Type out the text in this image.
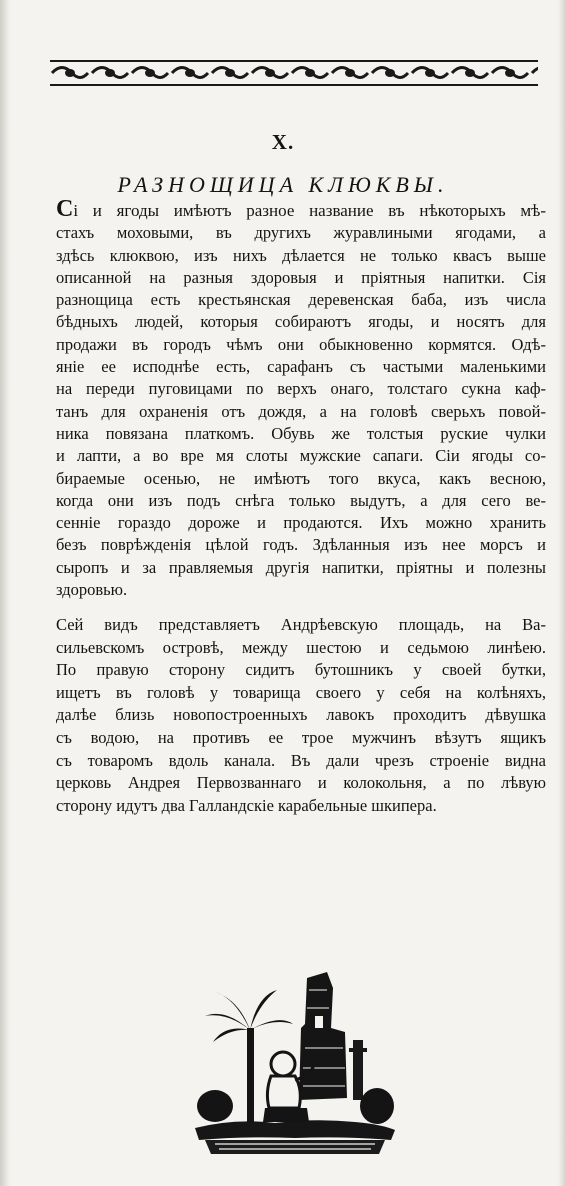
X.
РАЗНОЩИЦА КЛЮКВЫ.
Сі и ягоды имѣютъ разное название въ нѣкоторыхъ мѣ-
стахъ моховыми, въ другихъ журавлиными ягодами, а
здѣсь клюквою, изъ нихъ дѣлается не только квасъ выше
описанной на разныя здоровыя и прiятныя напитки. Сія
разнощица есть крестьянская деревенская баба, изъ числа
бѣдныхъ людей, которыя собираютъ ягоды, и носятъ для
продажи въ городъ чѣмъ они обыкновенно кормятся. Одѣ-
яніе ее исподнѣе есть, сарафанъ съ частыми маленькими
на переди пуговицами по верхъ онаго, толстаго сукна каф-
танъ для охраненія отъ дождя, а на головѣ сверьхъ повой-
ника повязана платкомъ. Обувь же толстыя руские чулки
и лапти, а во вре мя слоты мужские сапаги. Сіи ягоды со-
бираемые осенью, не имѣютъ того вкуса, какъ весною,
когда они изъ подъ снѣга только выдутъ, а для сего ве-
сеннiе гораздо дороже и продаются. Ихъ можно хранить
безъ поврѣжденія цѣлой годъ. Здѣланныя изъ нее морсъ и
сыропъ и за правляемыя другiя напитки, прiятны и полезны
здоровью.
Сей видъ представляетъ Андрѣевскую площадь, на Ва-
сильевскомъ островѣ, между шестою и седьмою линѣею.
По правую сторону сидитъ бутошникъ у своей бутки,
ищетъ въ головѣ у товарища своего у себя на колѣняхъ,
далѣе близь новопостроенныхъ лавокъ проходитъ дѣвушка
съ водою, на противъ ее трое мужчинъ вѣзутъ ящикъ
съ товаромъ вдоль канала. Въ дали чрезъ строенiе видна
церковь Андрея Первозваннаго и колокольня, а по лѣвую
сторону идутъ два Галландскiе карабельные шкипера.
